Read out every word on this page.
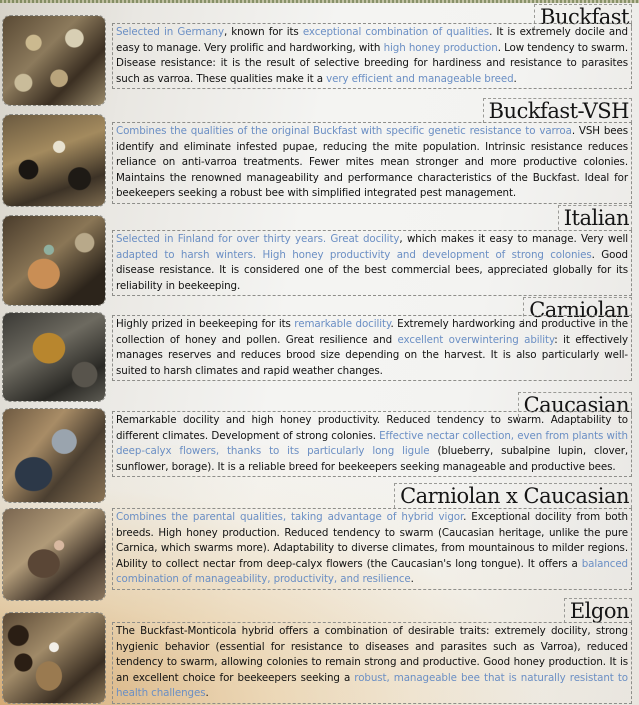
Buckfast
Selected in Germany, known for its exceptional combination of qualities. It is extremely docile and easy to manage. Very prolific and hardworking, with high honey production. Low tendency to swarm. Disease resistance: it is the result of selective breeding for hardiness and resistance to parasites such as varroa. These qualities make it a very efficient and manageable breed.
Buckfast-VSH
Combines the qualities of the original Buckfast with specific genetic resistance to varroa. VSH bees identify and eliminate infested pupae, reducing the mite population. Intrinsic resistance reduces reliance on anti-varroa treatments. Fewer mites mean stronger and more productive colonies. Maintains the renowned manageability and performance characteristics of the Buckfast. Ideal for beekeepers seeking a robust bee with simplified integrated pest management.
Italian
Selected in Finland for over thirty years. Great docility, which makes it easy to manage. Very well adapted to harsh winters. High honey productivity and development of strong colonies. Good disease resistance. It is considered one of the best commercial bees, appreciated globally for its reliability in beekeeping.
Carniolan
Highly prized in beekeeping for its remarkable docility. Extremely hardworking and productive in the collection of honey and pollen. Great resilience and excellent overwintering ability: it effectively manages reserves and reduces brood size depending on the harvest. It is also particularly well-suited to harsh climates and rapid weather changes.
Caucasian
Remarkable docility and high honey productivity. Reduced tendency to swarm. Adaptability to different climates. Development of strong colonies. Effective nectar collection, even from plants with deep-calyx flowers, thanks to its particularly long ligule (blueberry, subalpine lupin, clover, sunflower, borage). It is a reliable breed for beekeepers seeking manageable and productive bees.
Carniolan x Caucasian
Combines the parental qualities, taking advantage of hybrid vigor. Exceptional docility from both breeds. High honey production. Reduced tendency to swarm (Caucasian heritage, unlike the pure Carnica, which swarms more). Adaptability to diverse climates, from mountainous to milder regions. Ability to collect nectar from deep-calyx flowers (the Caucasian's long tongue). It offers a balanced combination of manageability, productivity, and resilience.
Elgon
The Buckfast-Monticola hybrid offers a combination of desirable traits: extremely docility, strong hygienic behavior (essential for resistance to diseases and parasites such as Varroa), reduced tendency to swarm, allowing colonies to remain strong and productive. Good honey production. It is an excellent choice for beekeepers seeking a robust, manageable bee that is naturally resistant to health challenges.
